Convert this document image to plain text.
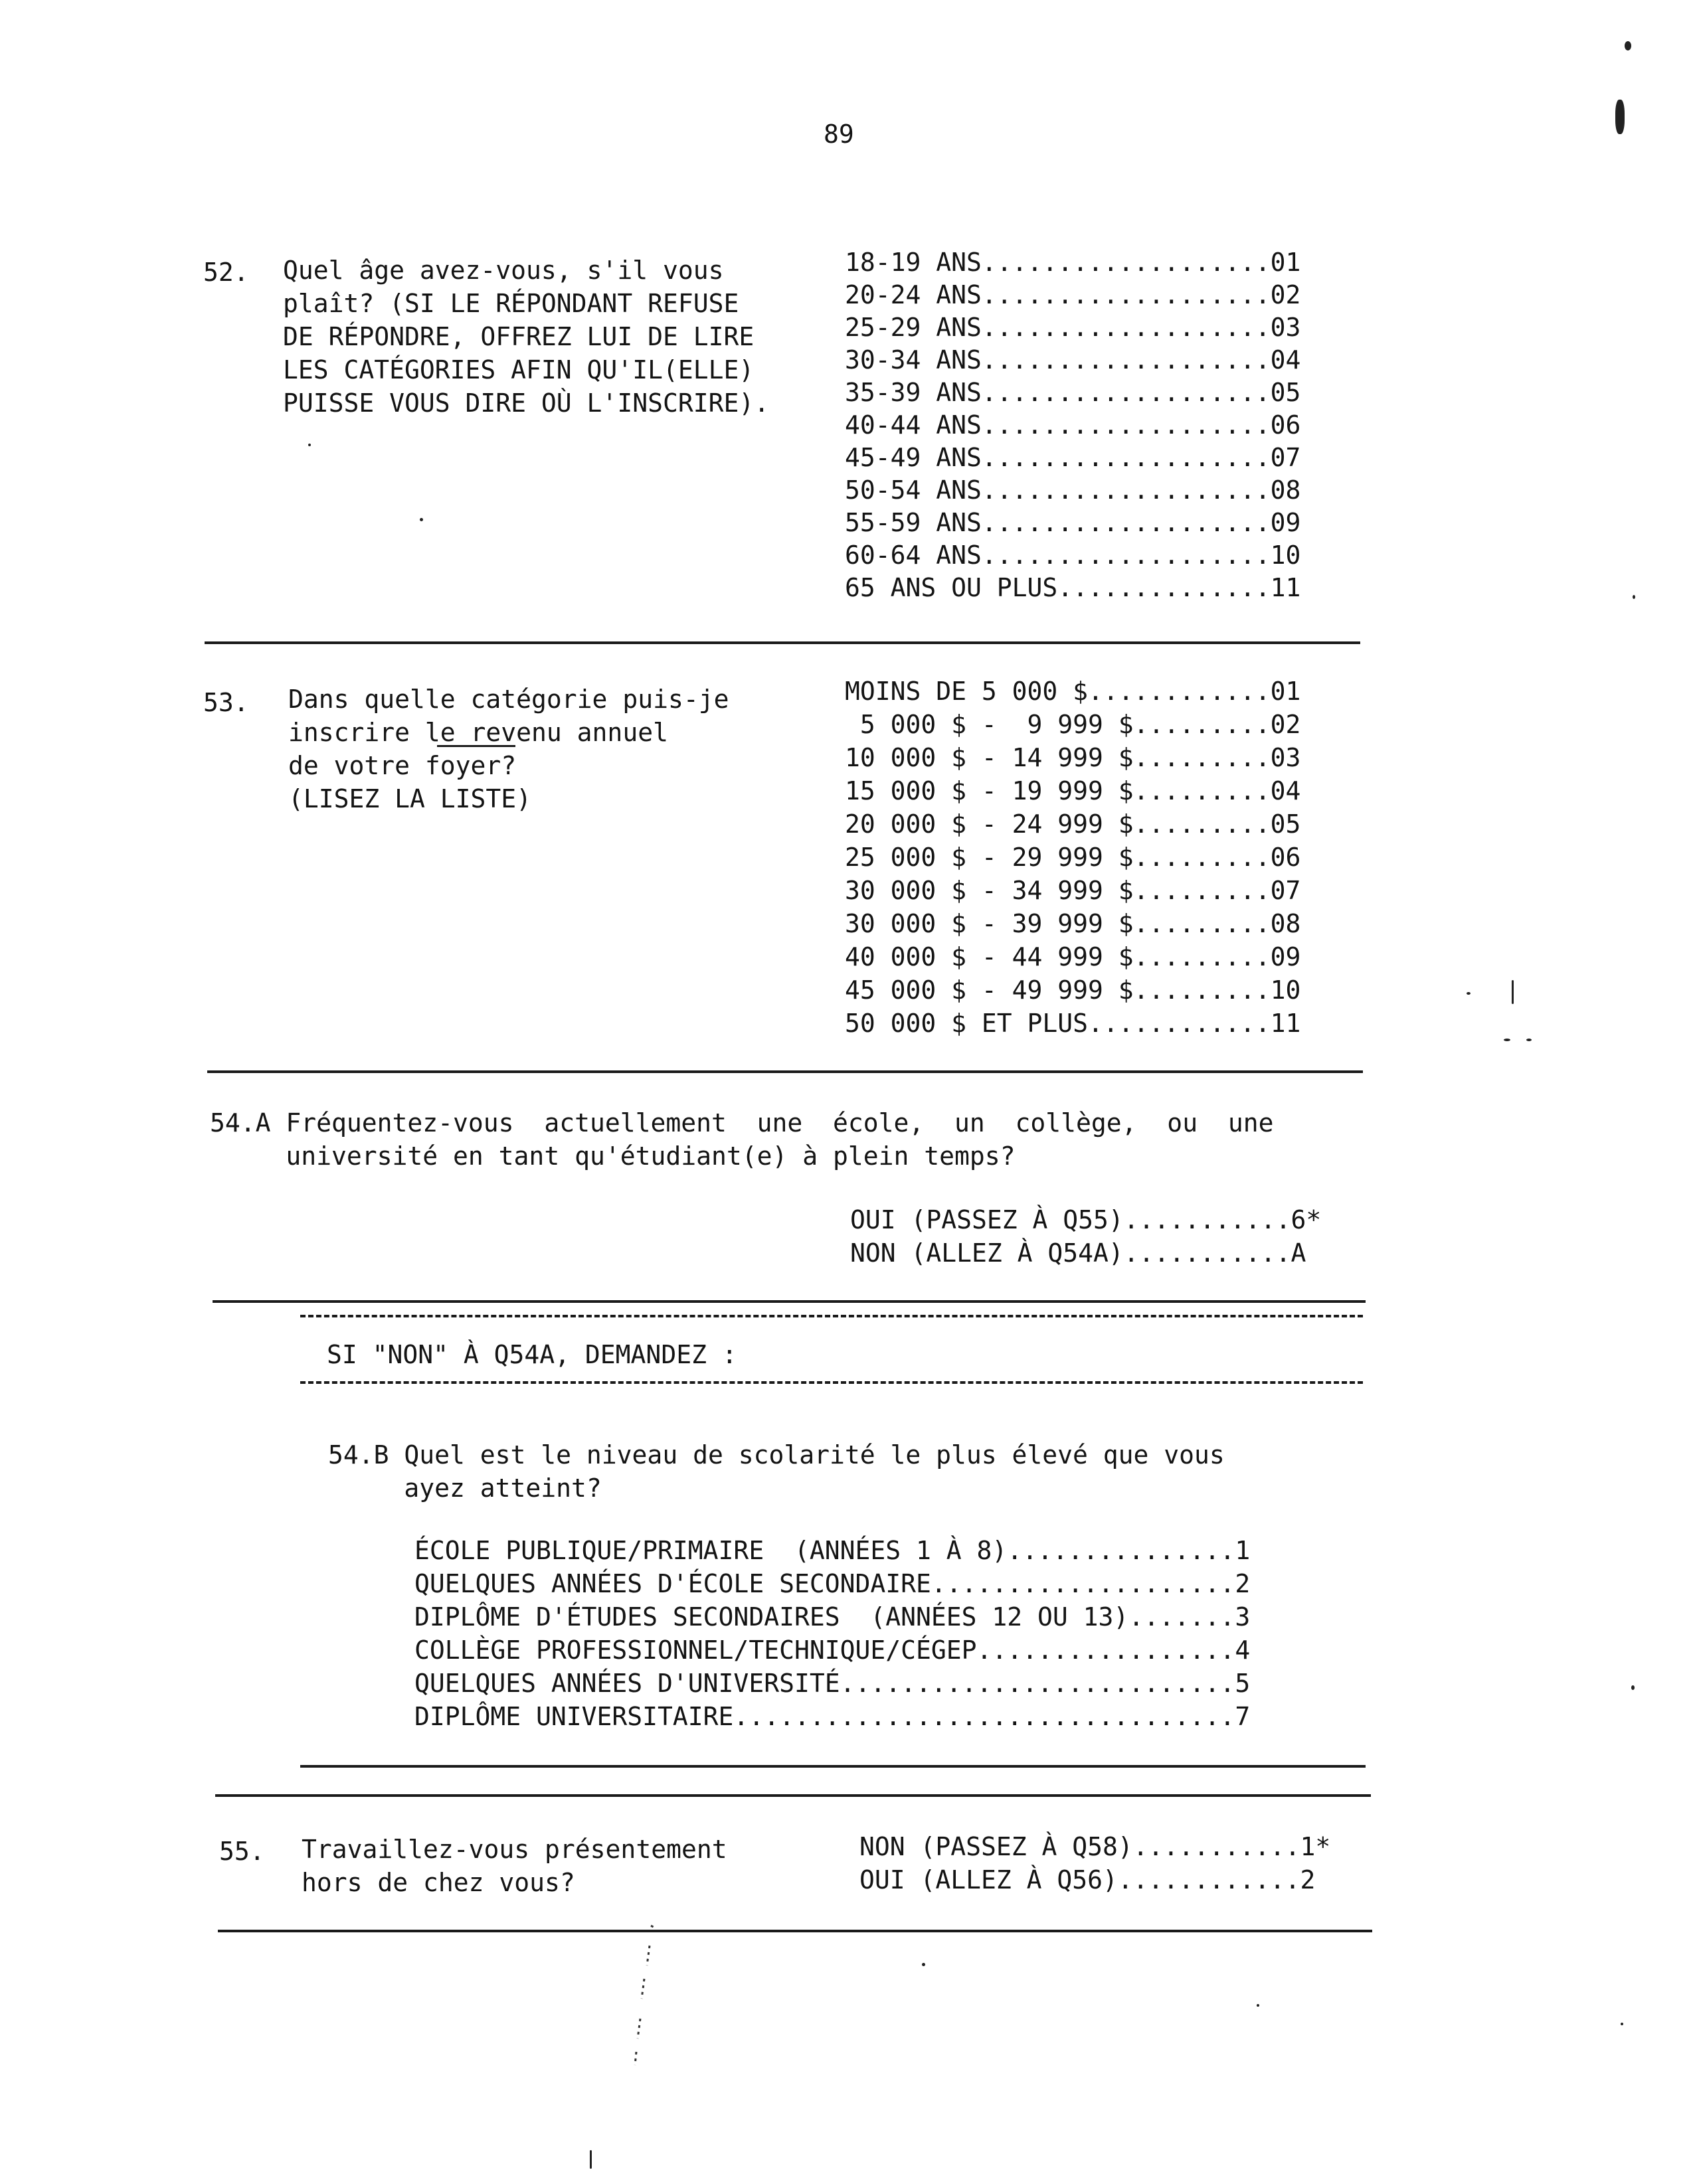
89
52. Quel âge avez-vous, s'il vous
plaît? (SI LE RÉPONDANT REFUSE
DE RÉPONDRE, OFFREZ LUI DE LIRE
LES CATÉGORIES AFIN QU'IL(ELLE)
PUISSE VOUS DIRE OÙ L'INSCRIRE).
18-19 ANS...................01
20-24 ANS...................02
25-29 ANS...................03
30-34 ANS...................04
35-39 ANS...................05
40-44 ANS...................06
45-49 ANS...................07
50-54 ANS...................08
55-59 ANS...................09
60-64 ANS...................10
65 ANS OU PLUS..............11
53. Dans quelle catégorie puis-je
inscrire le revenu annuel
de votre foyer?
(LISEZ LA LISTE)
MOINS DE 5 000 $............01
5 000 $ -  9 999 $.........02
10 000 $ - 14 999 $.........03
15 000 $ - 19 999 $.........04
20 000 $ - 24 999 $.........05
25 000 $ - 29 999 $.........06
30 000 $ - 34 999 $.........07
30 000 $ - 39 999 $.........08
40 000 $ - 44 999 $.........09
45 000 $ - 49 999 $.........10
50 000 $ ET PLUS............11
54.A Fréquentez-vous  actuellement  une  école,  un  collège,  ou  une
université en tant qu'étudiant(e) à plein temps?
OUI (PASSEZ À Q55)...........6*
NON (ALLEZ À Q54A)...........A
SI "NON" À Q54A, DEMANDEZ :
54.B Quel est le niveau de scolarité le plus élevé que vous
ayez atteint?
ÉCOLE PUBLIQUE/PRIMAIRE  (ANNÉES 1 À 8)...............1
QUELQUES ANNÉES D'ÉCOLE SECONDAIRE....................2
DIPLÔME D'ÉTUDES SECONDAIRES  (ANNÉES 12 OU 13).......3
COLLÈGE PROFESSIONNEL/TECHNIQUE/CÉGEP.................4
QUELQUES ANNÉES D'UNIVERSITÉ..........................5
DIPLÔME UNIVERSITAIRE.................................7
55. Travaillez-vous présentement
hors de chez vous?
NON (PASSEZ À Q58)...........1*
OUI (ALLEZ À Q56)............2
